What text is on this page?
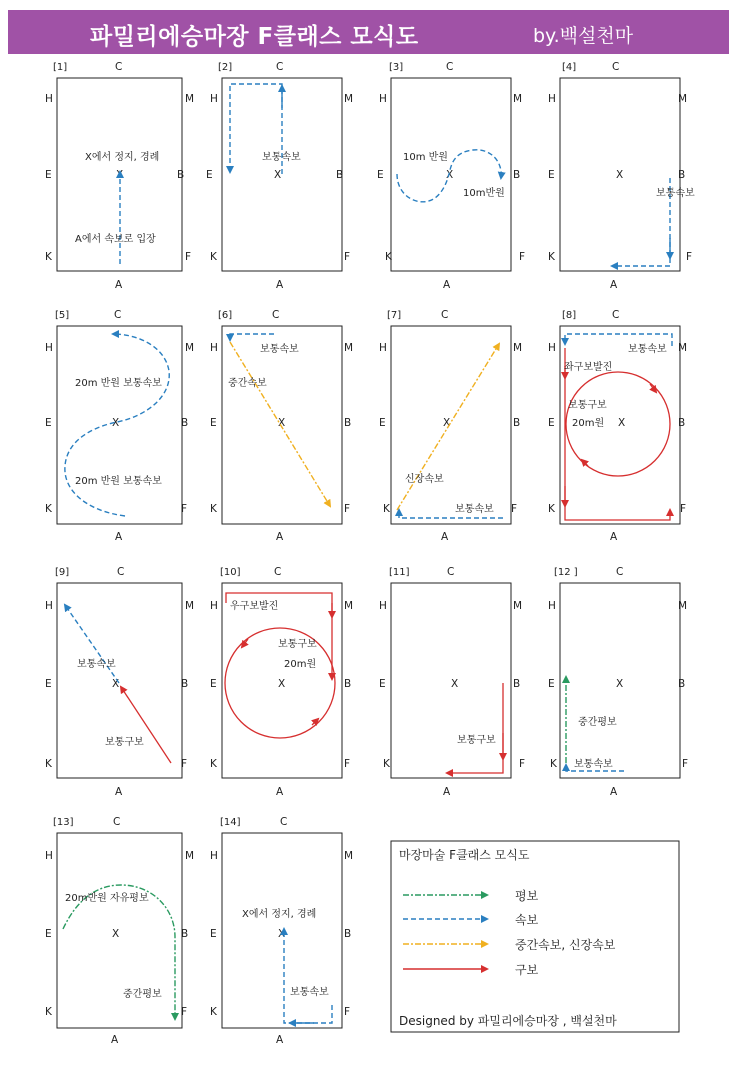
파밀리에승마장 F클래스 모식도	by.백설천마
[1]	C
A
H
E
K
M
B
F
X
X에서 정지, 경례
A에서 속보로 입장
[2]	C
A
H
E
K
M
B
F
X
보통속보
[3]	C
A
H
E
K
M
B
F
X
10m 반원
10m반원
[4]	C
A
H
E
K
M
B
F
X
보통속보
[5]	C
A
H
E
K
M
B
F
X
20m 반원 보통속보
20m 반원 보통속보
[6]	C
A
H
E
K
M
B
F
X
보통속보
중간속보
[7]	C
A
H
E
K
M
B
F
X
신장속보
보통속보
[8]	C
A
H
E
K
M
B
F
X
보통속보
좌구보발진
보통구보
20m원
[9]	C
A
H
E
K
M
B
F
X
보통속보
보통구보
[10]	C
A
H
E
K
M
B
F
X
우구보발진
보통구보
20m원
[11]	C
A
H
E
K
M
B
F
X
보통구보
[12 ]	C
A
H
E
K
M
B
F
X
중간평보
보통속보
[13]	C
A
H
E
K
M
B
F
X
20m반원 자유평보
중간평보
[14]	C
A
H
E
K
M
B
F
X
X에서 정지, 경례
보통속보
마장마술 F클래스 모식도
평보
속보
중간속보, 신장속보
구보
Designed by 파밀리에승마장 , 백설천마
